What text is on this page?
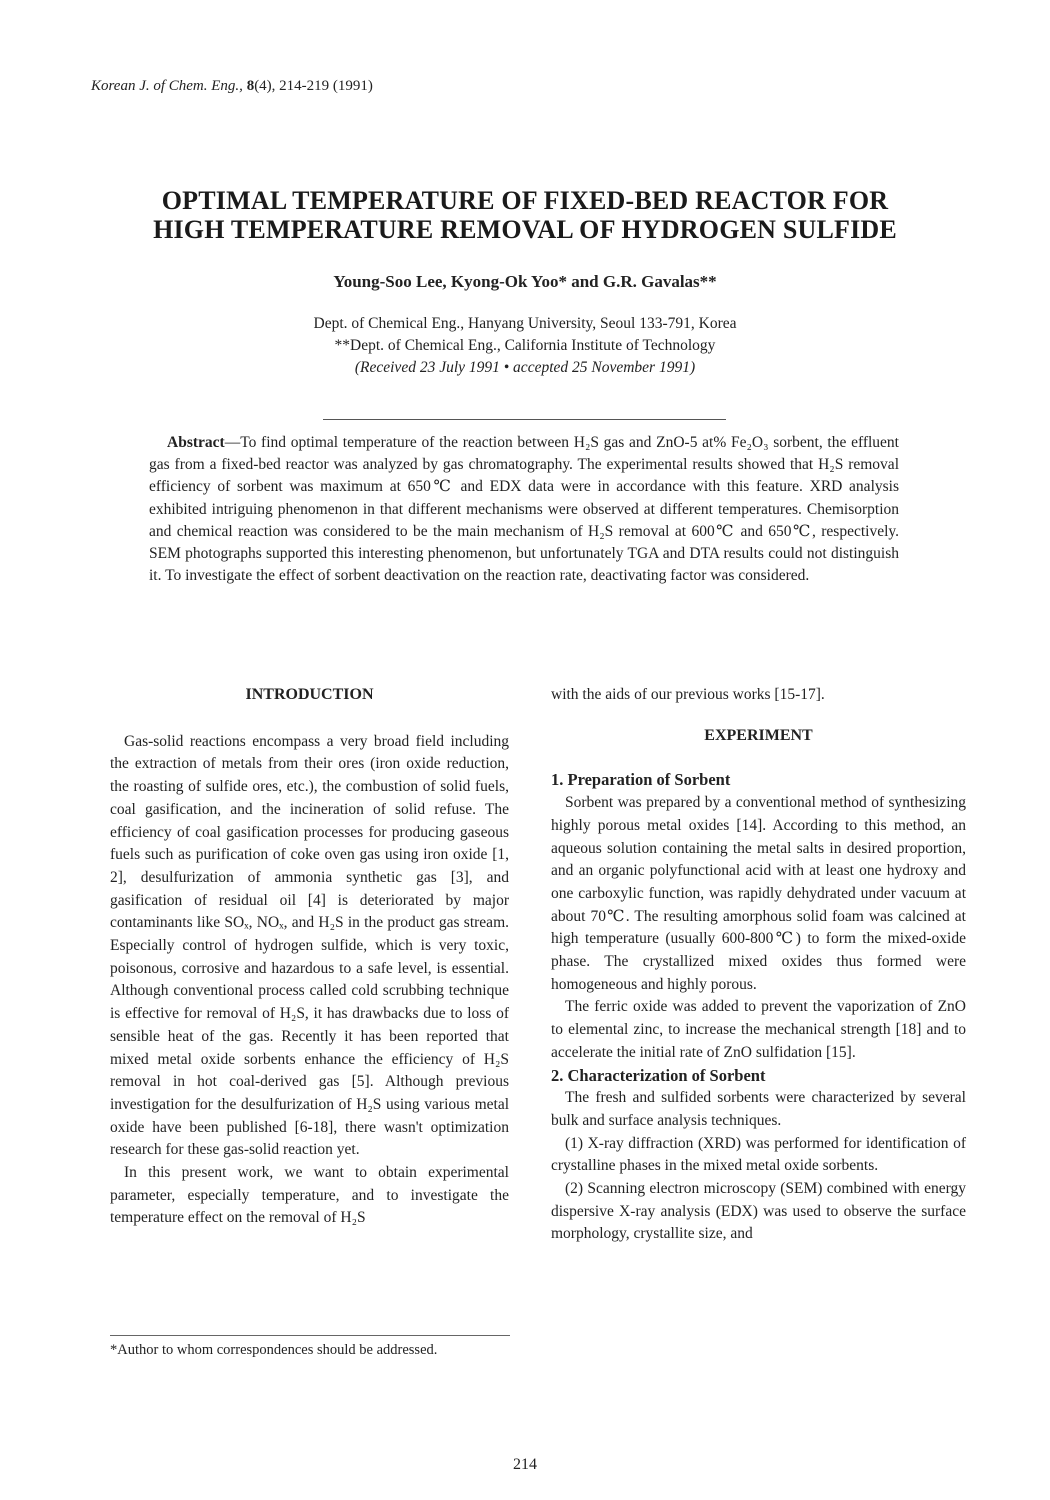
Korean J. of Chem. Eng., 8(4), 214-219 (1991)
OPTIMAL TEMPERATURE OF FIXED-BED REACTOR FOR
HIGH TEMPERATURE REMOVAL OF HYDROGEN SULFIDE
Young-Soo Lee, Kyong-Ok Yoo* and G.R. Gavalas**
Dept. of Chemical Eng., Hanyang University, Seoul 133-791, Korea
**Dept. of Chemical Eng., California Institute of Technology
(Received 23 July 1991 • accepted 25 November 1991)

Abstract—To find optimal temperature of the reaction between H₂S gas and ZnO-5 at% Fe₂O₃ sorbent, the effluent gas from a fixed-bed reactor was analyzed by gas chromatography. The experimental results showed that H₂S removal efficiency of sorbent was maximum at 650℃ and EDX data were in accordance with this feature. XRD analysis exhibited intriguing phenomenon in that different mechanisms were observed at different temperatures. Chemisorption and chemical reaction was considered to be the main mechanism of H₂S removal at 600℃ and 650℃, respectively. SEM photographs supported this interesting phenomenon, but unfortunately TGA and DTA results could not distinguish it. To investigate the effect of sorbent deactivation on the reaction rate, deactivating factor was considered.

INTRODUCTION

Gas-solid reactions encompass a very broad field including the extraction of metals from their ores (iron oxide reduction, the roasting of sulfide ores, etc.), the combustion of solid fuels, coal gasification, and the incineration of solid refuse. The efficiency of coal gasification processes for producing gaseous fuels such as purification of coke oven gas using iron oxide [1, 2], desulfurization of ammonia synthetic gas [3], and gasification of residual oil [4] is deteriorated by major contaminants like SOₓ, NOₓ, and H₂S in the product gas stream. Especially control of hydrogen sulfide, which is very toxic, poisonous, corrosive and hazardous to a safe level, is essential. Although conventional process called cold scrubbing technique is effective for removal of H₂S, it has drawbacks due to loss of sensible heat of the gas. Recently it has been reported that mixed metal oxide sorbents enhance the efficiency of H₂S removal in hot coal-derived gas [5]. Although previous investigation for the desulfurization of H₂S using various metal oxide have been published [6-18], there wasn't optimization research for these gas-solid reaction yet.

In this present work, we want to obtain experimental parameter, especially temperature, and to investigate the temperature effect on the removal of H₂S

*Author to whom correspondences should be addressed.

with the aids of our previous works [15-17].

EXPERIMENT
1. Preparation of Sorbent

Sorbent was prepared by a conventional method of synthesizing highly porous metal oxides [14]. According to this method, an aqueous solution containing the metal salts in desired proportion, and an organic polyfunctional acid with at least one hydroxy and one carboxylic function, was rapidly dehydrated under vacuum at about 70℃. The resulting amorphous solid foam was calcined at high temperature (usually 600-800℃) to form the mixed-oxide phase. The crystallized mixed oxides thus formed were homogeneous and highly porous.

The ferric oxide was added to prevent the vaporization of ZnO to elemental zinc, to increase the mechanical strength [18] and to accelerate the initial rate of ZnO sulfidation [15].

2. Characterization of Sorbent

The fresh and sulfided sorbents were characterized by several bulk and surface analysis techniques.

(1) X-ray diffraction (XRD) was performed for identification of crystalline phases in the mixed metal oxide sorbents.

(2) Scanning electron microscopy (SEM) combined with energy dispersive X-ray analysis (EDX) was used to observe the surface morphology, crystallite size, and

214
